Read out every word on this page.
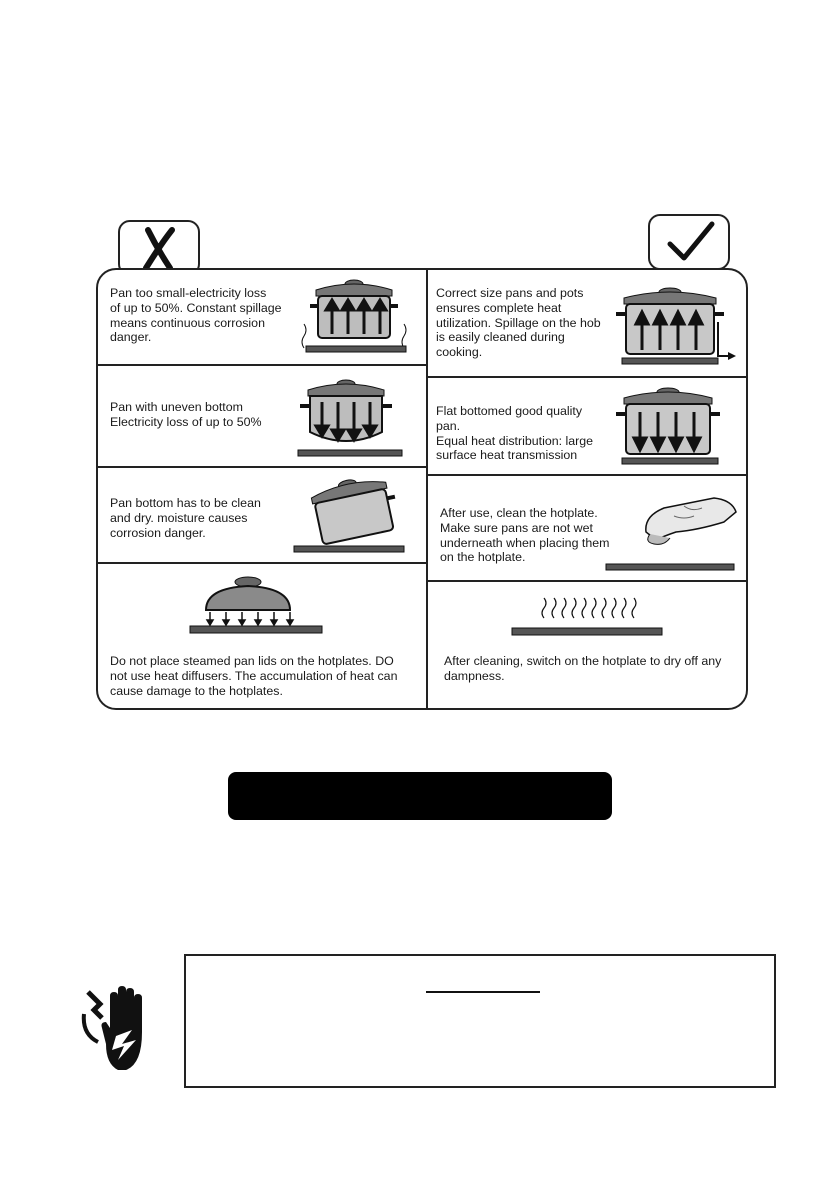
Pan too small-electricity loss
of up to 50%. Constant spillage
means continuous corrosion
danger.
Pan with uneven bottom
Electricity loss of up to 50%
Pan bottom has to be clean
and dry. moisture causes
corrosion danger.
Do not place steamed pan lids on the hotplates. DO
not use heat diffusers. The accumulation of heat can
cause damage to the hotplates.
Correct size pans and pots
ensures complete heat
utilization. Spillage on the hob
is easily cleaned during
cooking.
Flat bottomed good quality
pan.
Equal heat distribution: large
surface heat transmission
After use, clean the hotplate.
Make sure pans are not wet
underneath when placing them
on the hotplate.
After cleaning, switch on the hotplate to dry off any
dampness.
